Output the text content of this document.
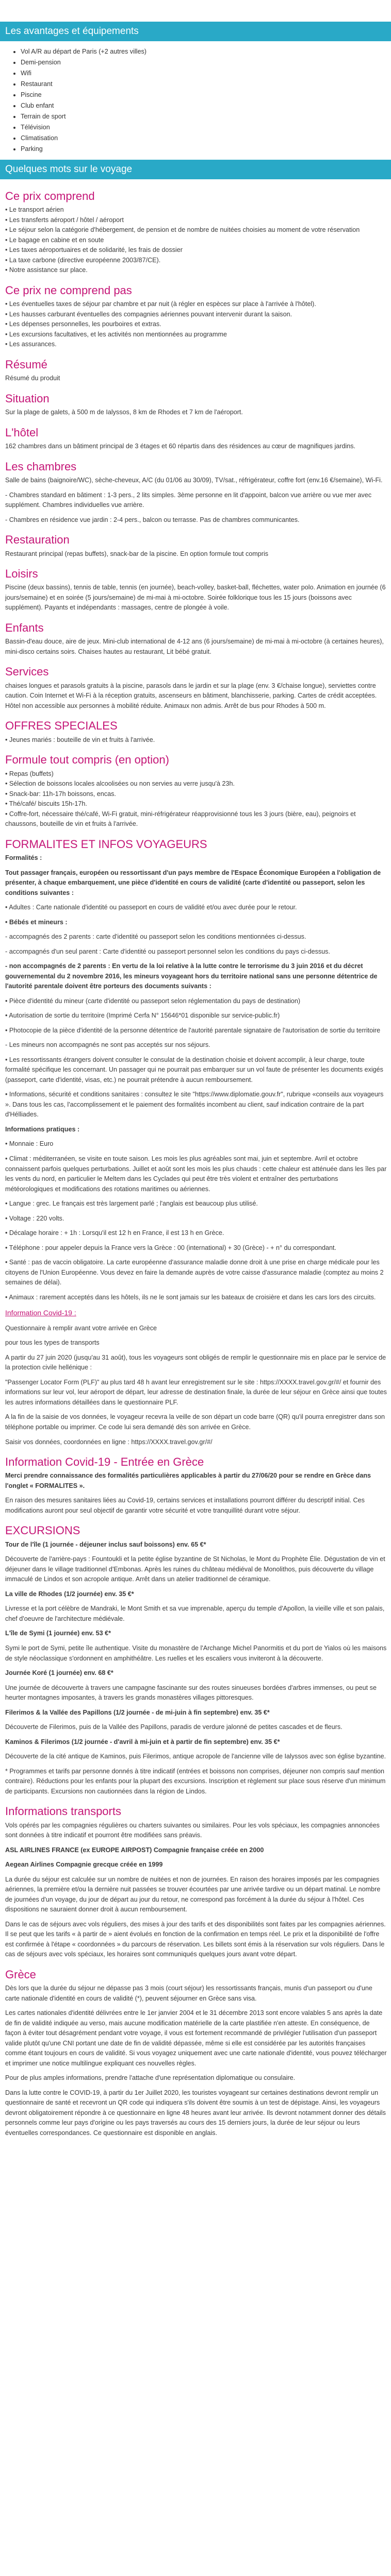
Les avantages et équipements
• Vol A/R au départ de Paris (+2 autres villes)
• Demi-pension
• Wifi
• Restaurant
• Piscine
• Club enfant
• Terrain de sport
• Télévision
• Climatisation
• Parking
Quelques mots sur le voyage
Ce prix comprend
• Le transport aérien
• Les transferts aéroport / hôtel / aéroport
• Le séjour selon la catégorie d'hébergement, de pension et de nombre de nuitées choisies au moment de votre réservation
• Le bagage en cabine et en soute
• Les taxes aéroportuaires et de solidarité, les frais de dossier
• La taxe carbone (directive européenne 2003/87/CE).
• Notre assistance sur place.
Ce prix ne comprend pas
• Les éventuelles taxes de séjour par chambre et par nuit (à régler en espèces sur place à l'arrivée à l'hôtel).
• Les hausses carburant éventuelles des compagnies aériennes pouvant intervenir durant la saison.
• Les dépenses personnelles, les pourboires et extras.
• Les excursions facultatives, et les activités non mentionnées au programme
• Les assurances.
Résumé

Résumé du produit

Situation

Sur la plage de galets, à 500 m de Ialyssos, 8 km de Rhodes et 7 km de l'aéroport.

L'hôtel

162 chambres dans un bâtiment principal de 3 étages et 60 répartis dans des résidences au cœur de magnifiques jardins.

Les chambres

Salle de bains (baignoire/WC), sèche-cheveux, A/C (du 01/06 au 30/09), TV/sat., réfrigérateur, coffre fort (env.16 €/semaine), Wi-Fi.

- Chambres standard en bâtiment : 1-3 pers., 2 lits simples. 3ème personne en lit d'appoint, balcon vue arrière ou vue mer avec supplément. Chambres individuelles vue arrière.

- Chambres en résidence vue jardin : 2-4 pers., balcon ou terrasse. Pas de chambres communicantes.

Restauration

Restaurant principal (repas buffets), snack-bar de la piscine. En option formule tout compris

Loisirs

Piscine (deux bassins), tennis de table, tennis (en journée), beach-volley, basket-ball, fléchettes, water polo. Animation en journée (6 jours/semaine) et en soirée (5 jours/semaine) de mi-mai à mi-octobre. Soirée folklorique tous les 15 jours (boissons avec supplément). Payants et indépendants : massages, centre de plongée à voile.

Enfants

Bassin-d'eau douce, aire de jeux. Mini-club international de 4-12 ans (6 jours/semaine) de mi-mai à mi-octobre (à certaines heures), mini-disco certains soirs. Chaises hautes au restaurant, Lit bébé gratuit.

Services

chaises longues et parasols gratuits à la piscine, parasols dans le jardin et sur la plage (env. 3 €/chaise longue), serviettes contre caution. Coin Internet et Wi-Fi à la réception gratuits, ascenseurs en bâtiment, blanchisserie, parking. Cartes de crédit acceptées. Hôtel non accessible aux personnes à mobilité réduite. Animaux non admis. Arrêt de bus pour Rhodes à 500 m.

OFFRES SPECIALES

• Jeunes mariés : bouteille de vin et fruits à l'arrivée.

Formule tout compris (en option)
• Repas (buffets)
• Sélection de boissons locales alcoolisées ou non servies au verre jusqu'à 23h.
• Snack-bar: 11h-17h boissons, encas.
• Thé/café/ biscuits 15h-17h.
• Coffre-fort, nécessaire thé/café, Wi-Fi gratuit, mini-réfrigérateur réapprovisionné tous les 3 jours (bière, eau), peignoirs et chaussons, bouteille de vin et fruits à l'arrivée.
FORMALITES ET INFOS VOYAGEURS

Formalités :

Tout passager français, européen ou ressortissant d'un pays membre de l'Espace Économique Européen a l'obligation de présenter, à chaque embarquement, une pièce d'identité en cours de validité (carte d'identité ou passeport, selon les conditions suivantes :

• Adultes : Carte nationale d'identité ou passeport en cours de validité et/ou avec durée pour le retour.

• Bébés et mineurs :

- accompagnés des 2 parents : carte d'identité ou passeport selon les conditions mentionnées ci-dessus.

- accompagnés d'un seul parent : Carte d'identité ou passeport personnel selon les conditions du pays ci-dessus.

- non accompagnés de 2 parents : En vertu de la loi relative à la lutte contre le terrorisme du 3 juin 2016 et du décret gouvernemental du 2 novembre 2016, les mineurs voyageant hors du territoire national sans une personne détentrice de l'autorité parentale doivent être porteurs des documents suivants :

• Pièce d'identité du mineur (carte d'identité ou passeport selon réglementation du pays de destination)

• Autorisation de sortie du territoire (Imprimé Cerfa N° 15646*01 disponible sur service-public.fr)

• Photocopie de la pièce d'identité de la personne détentrice de l'autorité parentale signataire de l'autorisation de sortie du territoire

- Les mineurs non accompagnés ne sont pas acceptés sur nos séjours.

• Les ressortissants étrangers doivent consulter le consulat de la destination choisie et doivent accomplir, à leur charge, toute formalité spécifique les concernant. Un passager qui ne pourrait pas embarquer sur un vol faute de présenter les documents exigés (passeport, carte d'identité, visas, etc.) ne pourrait prétendre à aucun remboursement.

• Informations, sécurité et conditions sanitaires : consultez le site "https://www.diplomatie.gouv.fr", rubrique «conseils aux voyageurs ». Dans tous les cas, l'accomplissement et le paiement des formalités incombent au client, sauf indication contraire de la part d'Hélliades.

Informations pratiques :

• Monnaie : Euro

• Climat : méditerranéen, se visite en toute saison. Les mois les plus agréables sont mai, juin et septembre. Avril et octobre connaissent parfois quelques perturbations. Juillet et août sont les mois les plus chauds : cette chaleur est atténuée dans les îles par les vents du nord, en particulier le Meltem dans les Cyclades qui peut être très violent et entraîner des perturbations météorologiques et modifications des rotations maritimes ou aériennes.

• Langue : grec. Le français est très largement parlé ; l'anglais est beaucoup plus utilisé.

• Voltage : 220 volts.

• Décalage horaire : + 1h : Lorsqu'il est 12 h en France, il est 13 h en Grèce.

• Téléphone : pour appeler depuis la France vers la Grèce : 00 (international) + 30 (Grèce) - + n° du correspondant.

• Santé : pas de vaccin obligatoire. La carte européenne d'assurance maladie donne droit à une prise en charge médicale pour les citoyens de l'Union Européenne. Vous devez en faire la demande auprès de votre caisse d'assurance maladie (comptez au moins 2 semaines de délai).

• Animaux : rarement acceptés dans les hôtels, ils ne le sont jamais sur les bateaux de croisière et dans les cars lors des circuits.

Information Covid-19 :

Questionnaire à remplir avant votre arrivée en Grèce

pour tous les types de transports

A partir du 27 juin 2020 (jusqu'au 31 août), tous les voyageurs sont obligés de remplir le questionnaire mis en place par le service de la protection civile hellénique :

"Passenger Locator Form (PLF)" au plus tard 48 h avant leur enregistrement sur le site : https://XXXX.travel.gov.gr/#/ et fournir des informations sur leur vol, leur aéroport de départ, leur adresse de destination finale, la durée de leur séjour en Grèce ainsi que toutes les autres informations détaillées dans le questionnaire PLF.

A la fin de la saisie de vos données, le voyageur recevra la veille de son départ un code barre (QR) qu'il pourra enregistrer dans son téléphone portable ou imprimer. Ce code lui sera demandé dès son arrivée en Grèce.

Saisir vos données, coordonnées en ligne : https://XXXX.travel.gov.gr/#/

Information Covid-19 - Entrée en Grèce

Merci prendre connaissance des formalités particulières applicables à partir du 27/06/20 pour se rendre en Grèce dans l'onglet « FORMALITES ».

En raison des mesures sanitaires liées au Covid-19, certains services et installations pourront différer du descriptif initial. Ces modifications auront pour seul objectif de garantir votre sécurité et votre tranquillité durant votre séjour.

EXCURSIONS

Tour de l'île (1 journée - déjeuner inclus sauf boissons) env. 65 €*

Découverte de l'arrière-pays : Fountoukli et la petite église byzantine de St Nicholas, le Mont du Prophète Élie. Dégustation de vin et déjeuner dans le village traditionnel d'Embonas. Après les ruines du château médiéval de Monolithos, puis découverte du village immaculé de Lindos et son acropole antique. Arrêt dans un atelier traditionnel de céramique.

La ville de Rhodes (1/2 journée) env. 35 €*

Livresse et la port célèbre de Mandraki, le Mont Smith et sa vue imprenable, aperçu du temple d'Apollon, la vieille ville et son palais, chef d'oeuvre de l'architecture médiévale.

L'île de Symi (1 journée) env. 53 €*

Symi le port de Symi, petite île authentique. Visite du monastère de l'Archange Michel Panormitis et du port de Yialos où les maisons de style néoclassique s'ordonnent en amphithéâtre. Les ruelles et les escaliers vous inviteront à la découverte.

Journée Koré (1 journée) env. 68 €*

Une journée de découverte à travers une campagne fascinante sur des routes sinueuses bordées d'arbres immenses, ou peut se heurter montagnes imposantes, à travers les grands monastères villages pittoresques.

Filerimos & la Vallée des Papillons (1/2 journée - de mi-juin à fin septembre) env. 35 €*

Découverte de Filerimos, puis de la Vallée des Papillons, paradis de verdure jalonné de petites cascades et de fleurs.

Kaminos & Filerimos (1/2 journée - d'avril à mi-juin et à partir de fin septembre) env. 35 €*

Découverte de la cité antique de Kaminos, puis Filerimos, antique acropole de l'ancienne ville de Ialyssos avec son église byzantine.

* Programmes et tarifs par personne donnés à titre indicatif (entrées et boissons non comprises, déjeuner non compris sauf mention contraire). Réductions pour les enfants pour la plupart des excursions. Inscription et règlement sur place sous réserve d'un minimum de participants. Excursions non cautionnées dans la région de Lindos.

Informations transports

Vols opérés par les compagnies régulières ou charters suivantes ou similaires. Pour les vols spéciaux, les compagnies annoncées sont données à titre indicatif et pourront être modifiées sans préavis.

ASL AIRLINES FRANCE (ex EUROPE AIRPOST) Compagnie française créée en 2000

Aegean Airlines Compagnie grecque créée en 1999

La durée du séjour est calculée sur un nombre de nuitées et non de journées. En raison des horaires imposés par les compagnies aériennes, la première et/ou la dernière nuit passées se trouver écourtées par une arrivée tardive ou un départ matinal. Le nombre de journées d'un voyage, du jour de départ au jour du retour, ne correspond pas forcément à la durée du séjour à l'hôtel. Ces dispositions ne sauraient donner droit à aucun remboursement.

Dans le cas de séjours avec vols réguliers, des mises à jour des tarifs et des disponibilités sont faites par les compagnies aériennes. Il se peut que les tarifs « à partir de » aient évolués en fonction de la confirmation en temps réel. Le prix et la disponibilité de l'offre est confirmée à l'étape « coordonnées » du parcours de réservation. Les billets sont émis à la réservation sur vols réguliers. Dans le cas de séjours avec vols spéciaux, les horaires sont communiqués quelques jours avant votre départ.

Grèce

Dès lors que la durée du séjour ne dépasse pas 3 mois (court séjour) les ressortissants français, munis d'un passeport ou d'une carte nationale d'identité en cours de validité (*), peuvent séjourner en Grèce sans visa.

Les cartes nationales d'identité délivrées entre le 1er janvier 2004 et le 31 décembre 2013 sont encore valables 5 ans après la date de fin de validité indiquée au verso, mais aucune modification matérielle de la carte plastifiée n'en atteste. En conséquence, de façon à éviter tout désagrément pendant votre voyage, il vous est fortement recommandé de privilégier l'utilisation d'un passeport valide plutôt qu'une CNI portant une date de fin de validité dépassée, même si elle est considérée par les autorités françaises comme étant toujours en cours de validité. Si vous voyagez uniquement avec une carte nationale d'identité, vous pouvez télécharger et imprimer une notice multilingue expliquant ces nouvelles règles.

Pour de plus amples informations, prendre l'attache d'une représentation diplomatique ou consulaire.

Dans la lutte contre le COVID-19, à partir du 1er Juillet 2020, les touristes voyageant sur certaines destinations devront remplir un questionnaire de santé et recevront un QR code qui indiquera s'ils doivent être soumis à un test de dépistage. Ainsi, les voyageurs devront obligatoirement répondre à ce questionnaire en ligne 48 heures avant leur arrivée. Ils devront notamment donner des détails personnels comme leur pays d'origine ou les pays traversés au cours des 15 derniers jours, la durée de leur séjour ou leurs éventuelles correspondances. Ce questionnaire est disponible en anglais.
